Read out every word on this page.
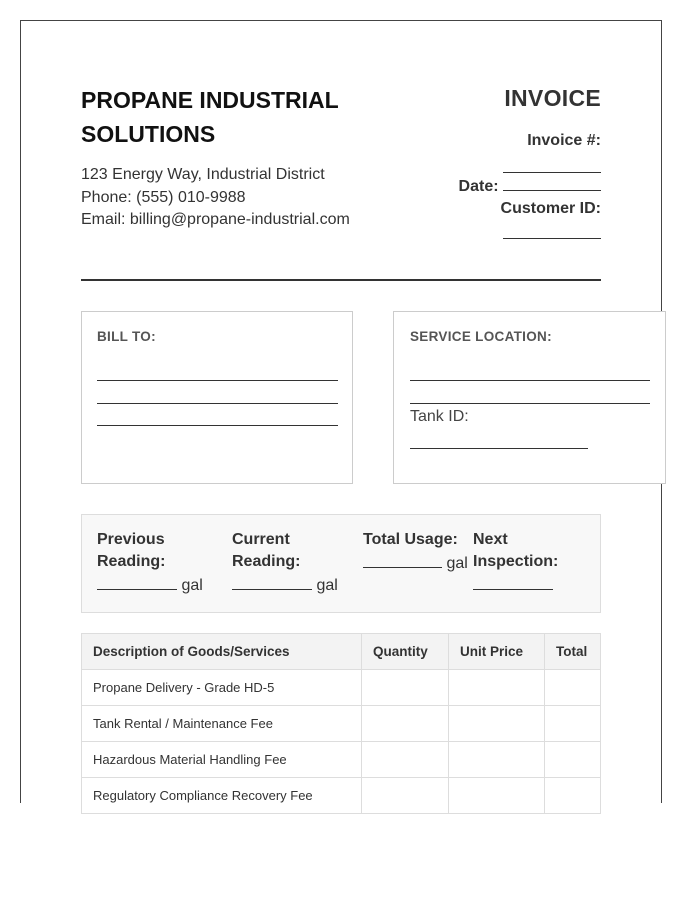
PROPANE INDUSTRIAL SOLUTIONS
123 Energy Way, Industrial District
Phone: (555) 010-9988
Email: billing@propane-industrial.com
INVOICE
Invoice #:
Date:
Customer ID:
BILL TO:	SERVICE LOCATION:
Tank ID:
Previous Reading:
gal
Current Reading:
gal
Total Usage:
gal
Next Inspection:
Description of Goods/Services	Quantity	Unit Price	Total
Propane Delivery - Grade HD-5			
Tank Rental / Maintenance Fee			
Hazardous Material Handling Fee			
Regulatory Compliance Recovery Fee			
